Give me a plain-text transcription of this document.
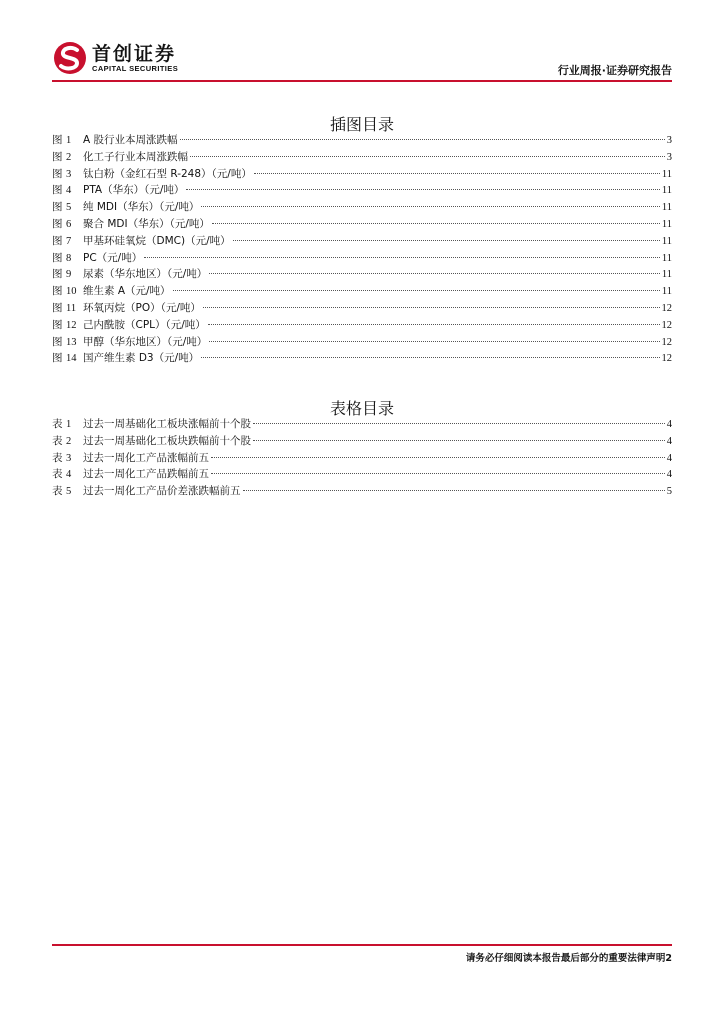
首创证券
CAPITAL SECURITIES	行业周报·证券研究报告
插图目录
图 1	A 股行业本周涨跌幅	3
图 2	化工子行业本周涨跌幅	3
图 3	钛白粉（金红石型 R-248）（元/吨）	11
图 4	PTA（华东）（元/吨）	11
图 5	纯 MDI（华东）（元/吨）	11
图 6	聚合 MDI（华东）（元/吨）	11
图 7	甲基环硅氧烷（DMC)（元/吨）	11
图 8	PC（元/吨）	11
图 9	尿素（华东地区）（元/吨）	11
图 10 维生素 A（元/吨）	11
图 11 环氧丙烷（PO）（元/吨）	12
图 12 己内酰胺（CPL）（元/吨）	12
图 13 甲醇（华东地区）（元/吨）	12
图 14 国产维生素 D3（元/吨）	12
表格目录
表 1	过去一周基础化工板块涨幅前十个股	4
表 2	过去一周基础化工板块跌幅前十个股	4
表 3	过去一周化工产品涨幅前五	4
表 4	过去一周化工产品跌幅前五	4
表 5	过去一周化工产品价差涨跌幅前五	5
请务必仔细阅读本报告最后部分的重要法律声明2
